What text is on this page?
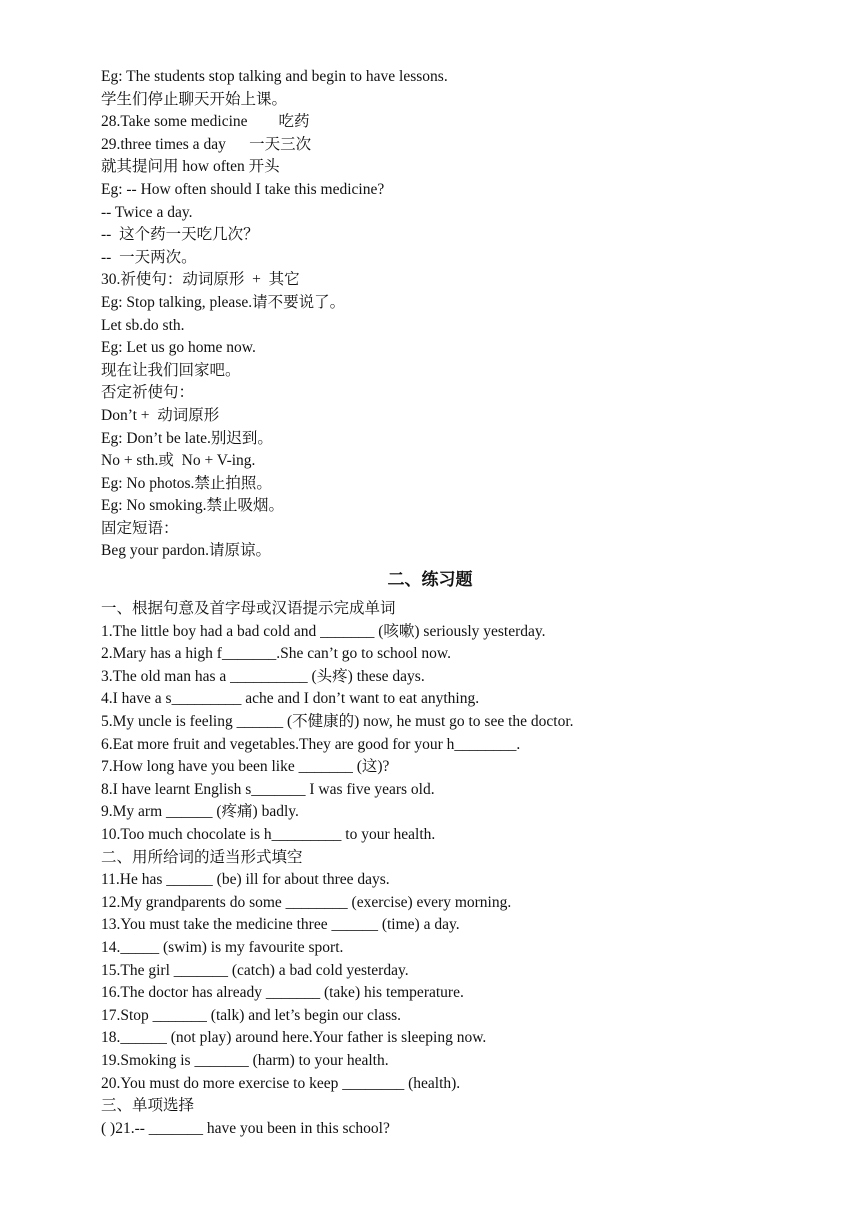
Eg: The students stop talking and begin to have lessons.
学生们停止聊天开始上课。
28.Take some medicine        吃药
29.three times a day      一天三次
就其提问用 how often 开头
Eg: -- How often should I take this medicine?
-- Twice a day.
--  这个药一天吃几次？
--  一天两次。
30.祈使句：动词原形  +  其它
Eg: Stop talking, please.请不要说了。
Let sb.do sth.
Eg: Let us go home now.
现在让我们回家吧。
否定祈使句：
Don’t +  动词原形
Eg: Don’t be late.别迟到。
No + sth.或  No + V-ing.
Eg: No photos.禁止拍照。
Eg: No smoking.禁止吸烟。
固定短语：
Beg your pardon.请原谅。
二、练习题
一、根据句意及首字母或汉语提示完成单词
1.The little boy had a bad cold and _______ (咳嗽) seriously yesterday.
2.Mary has a high f_______.She can’t go to school now.
3.The old man has a __________ (头疼) these days.
4.I have a s_________ ache and I don’t want to eat anything.
5.My uncle is feeling ______ (不健康的) now, he must go to see the doctor.
6.Eat more fruit and vegetables.They are good for your h________.
7.How long have you been like _______ (这)?
8.I have learnt English s_______ I was five years old.
9.My arm ______ (疼痛) badly.
10.Too much chocolate is h_________ to your health.
二、用所给词的适当形式填空
11.He has ______ (be) ill for about three days.
12.My grandparents do some ________ (exercise) every morning.
13.You must take the medicine three ______ (time) a day.
14._____ (swim) is my favourite sport.
15.The girl _______ (catch) a bad cold yesterday.
16.The doctor has already _______ (take) his temperature.
17.Stop _______ (talk) and let’s begin our class.
18.______ (not play) around here.Your father is sleeping now.
19.Smoking is _______ (harm) to your health.
20.You must do more exercise to keep ________ (health).
三、单项选择
( )21.-- _______ have you been in this school?
